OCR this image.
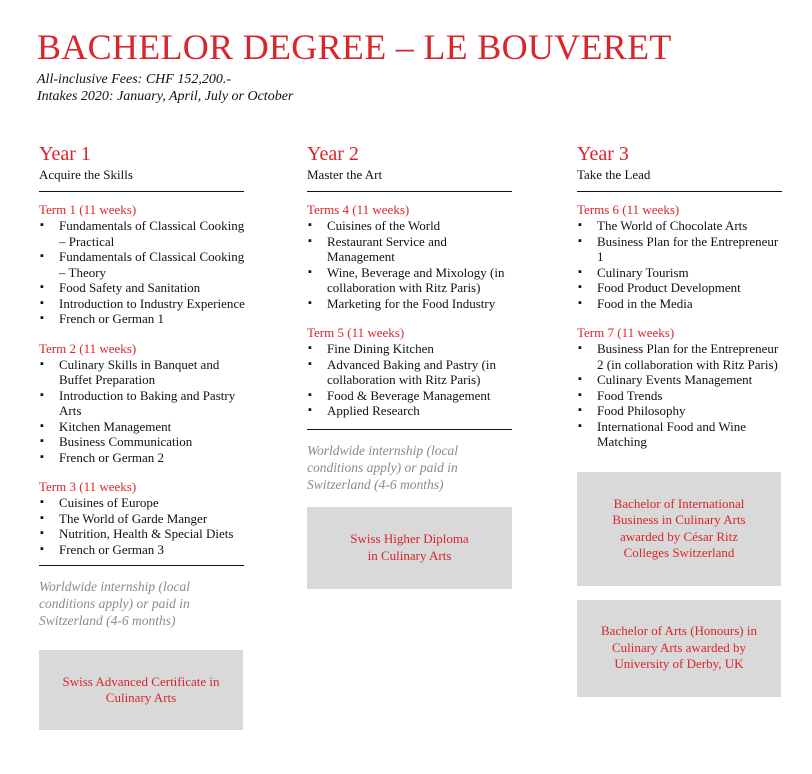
BACHELOR DEGREE – LE BOUVERET
All-inclusive Fees: CHF 152,200.-
Intakes 2020: January, April, July or October
Year 1
Acquire the Skills
Term 1 (11 weeks)
▪ Fundamentals of Classical Cooking – Practical
▪ Fundamentals of Classical Cooking – Theory
▪ Food Safety and Sanitation
▪ Introduction to Industry Experience
▪ French or German 1
Term 2 (11 weeks)
▪ Culinary Skills in Banquet and Buffet Preparation
▪ Introduction to Baking and Pastry Arts
▪ Kitchen Management
▪ Business Communication
▪ French or German 2
Term 3 (11 weeks)
▪ Cuisines of Europe
▪ The World of Garde Manger
▪ Nutrition, Health & Special Diets
▪ French or German 3
Worldwide internship (local conditions apply) or paid in Switzerland (4-6 months)
Swiss Advanced Certificate in Culinary Arts
Year 2
Master the Art
Terms 4 (11 weeks)
▪ Cuisines of the World
▪ Restaurant Service and Management
▪ Wine, Beverage and Mixology (in collaboration with Ritz Paris)
▪ Marketing for the Food Industry
Term 5 (11 weeks)
▪ Fine Dining Kitchen
▪ Advanced Baking and Pastry (in collaboration with Ritz Paris)
▪ Food & Beverage Management
▪ Applied Research
Worldwide internship (local conditions apply) or paid in Switzerland (4-6 months)
Swiss Higher Diploma in Culinary Arts
Year 3
Take the Lead
Terms 6 (11 weeks)
▪ The World of Chocolate Arts
▪ Business Plan for the Entrepreneur 1
▪ Culinary Tourism
▪ Food Product Development
▪ Food in the Media
Term 7 (11 weeks)
▪ Business Plan for the Entrepreneur 2 (in collaboration with Ritz Paris)
▪ Culinary Events Management
▪ Food Trends
▪ Food Philosophy
▪ International Food and Wine Matching
Bachelor of International Business in Culinary Arts awarded by César Ritz Colleges Switzerland
Bachelor of Arts (Honours) in Culinary Arts awarded by University of Derby, UK
